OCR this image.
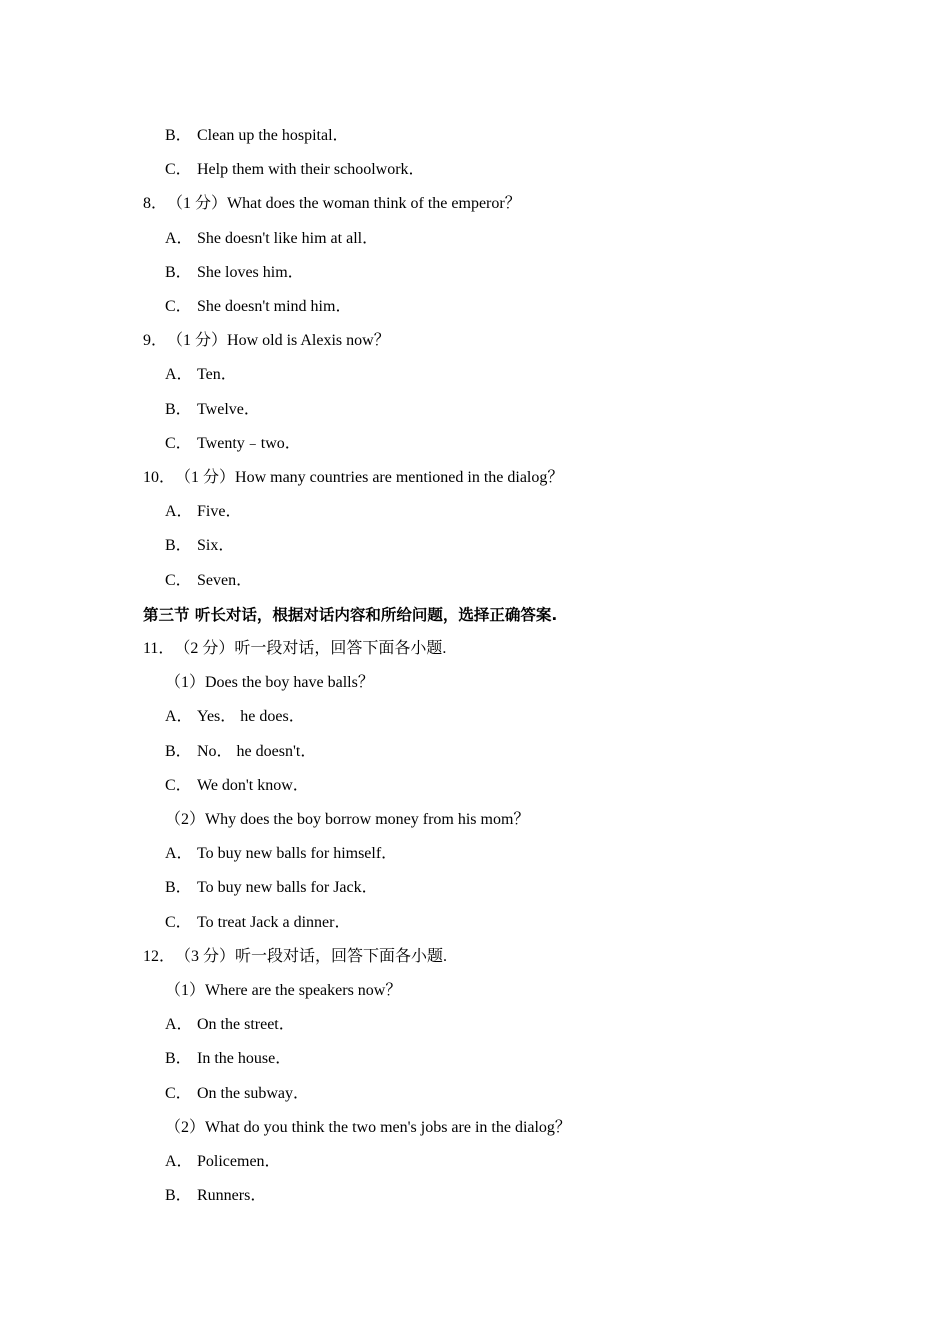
B． Clean up the hospital．
C． Help them with their schoolwork．
8．（1 分）What does the woman think of the emperor？
A． She doesn't like him at all．
B． She loves him．
C． She doesn't mind him．
9．（1 分）How old is Alexis now？
A． Ten．
B． Twelve．
C． Twenty﹣two．
10．（1 分）How many countries are mentioned in the dialog？
A． Five．
B． Six．
C． Seven．
第三节 听长对话，根据对话内容和所给问题，选择正确答案.
11．（2 分）听一段对话，回答下面各小题.
（1）Does the boy have balls？
A． Yes． he does．
B． No． he doesn't．
C． We don't know．
（2）Why does the boy borrow money from his mom？
A． To buy new balls for himself．
B． To buy new balls for Jack．
C． To treat Jack a dinner．
12．（3 分）听一段对话，回答下面各小题.
（1）Where are the speakers now？
A． On the street．
B． In the house．
C． On the subway．
（2）What do you think the two men's jobs are in the dialog？
A． Policemen．
B． Runners．
